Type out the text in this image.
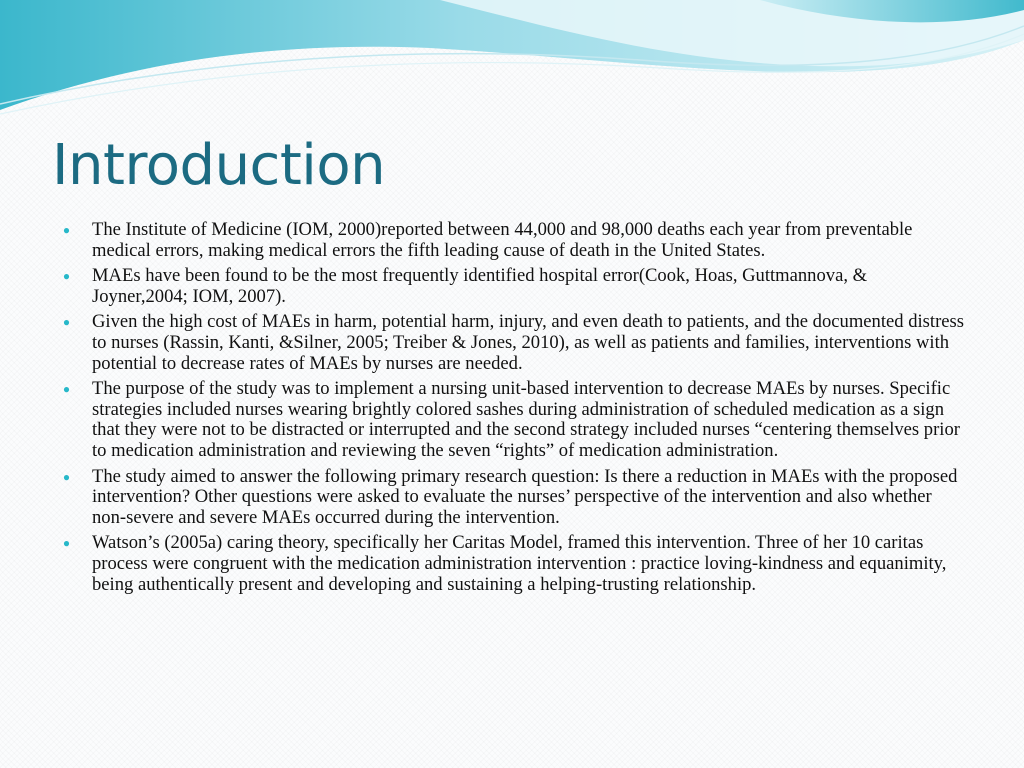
Introduction
● The Institute of Medicine (IOM, 2000)reported between 44,000 and 98,000 deaths each year from preventable medical errors, making medical errors the fifth leading cause of death in the United States.
● MAEs have been found to be the most frequently identified hospital error(Cook, Hoas, Guttmannova, & Joyner,2004; IOM, 2007).
● Given the high cost of MAEs in harm, potential harm, injury, and even death to patients, and the documented distress to nurses (Rassin, Kanti, &Silner, 2005; Treiber & Jones, 2010), as well as patients and families, interventions with potential to decrease rates of MAEs by nurses are needed.
● The purpose of the study was to implement a nursing unit-based intervention to decrease MAEs by nurses. Specific strategies included nurses wearing brightly colored sashes during administration of scheduled medication as a sign that they were not to be distracted or interrupted and the second strategy included nurses “centering themselves prior to medication administration and reviewing the seven “rights” of medication administration.
● The study aimed to answer the following primary research question: Is there a reduction in MAEs with the proposed intervention? Other questions were asked to evaluate the nurses’ perspective of the intervention and also whether non-severe and severe MAEs occurred during the intervention.
● Watson’s (2005a) caring theory, specifically her Caritas Model, framed this intervention. Three of her 10 caritas process were congruent with the medication administration intervention : practice loving-kindness and equanimity, being authentically present and developing and sustaining a helping-trusting relationship.
